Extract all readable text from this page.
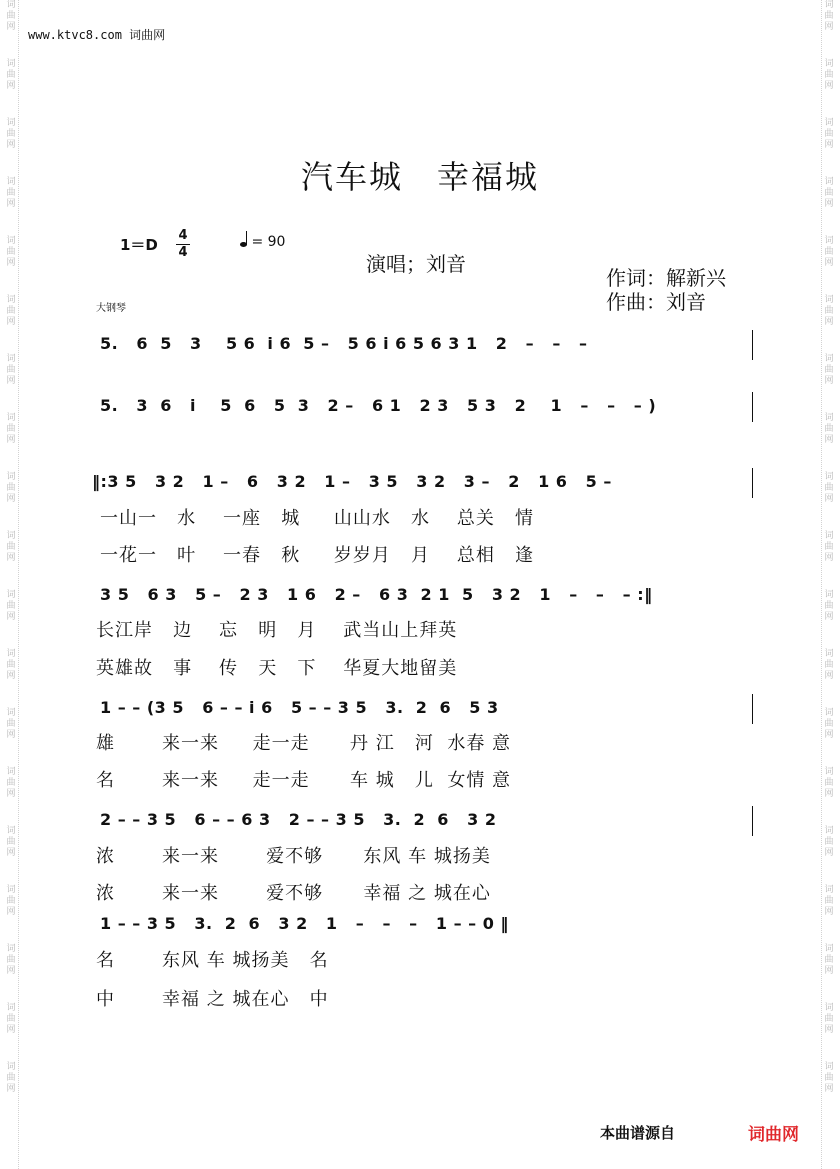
词曲网
词曲网
词曲网
词曲网
词曲网
词曲网
词曲网
词曲网
词曲网
词曲网
词曲网
词曲网
词曲网
词曲网
词曲网
词曲网
词曲网
词曲网
词曲网
词曲网
词曲网
词曲网
词曲网
词曲网
词曲网
词曲网
词曲网
词曲网
词曲网
词曲网
词曲网
词曲网
词曲网
词曲网
词曲网
词曲网
词曲网
词曲网
www.ktvc8.com 词曲网
汽车城　幸福城
1＝D
4
4
= 90
演唱；刘音
作词：解新兴
作曲：刘音
大钢琴
5.   6  5   3    5 6  i 6  5 –   5 6 i 6 5 6 3 1   2   –   –   –
5.   3  6   i    5  6   5  3   2 –   6 1   2 3   5 3   2    1   –   –   – )
‖:3 5   3 2   1 –   6   3 2   1 –   3 5   3 2   3 –   2   1 6   5 –
一山一   水    一座   城     山山水   水    总关   情
一花一   叶    一春   秋     岁岁月   月    总相   逢
3 5   6 3   5 –   2 3   1 6   2 –   6 3  2 1  5   3 2   1   –   –   – :‖
长江岸   边    忘   明   月    武当山上拜英
英雄故   事    传   天   下    华夏大地留美
1 – – (3 5   6 – – i 6   5 – – 3 5   3.  2  6   5 3
雄       来一来     走一走      丹 江   河  水春 意
名       来一来     走一走      车 城   儿  女情 意
2 – – 3 5   6 – – 6 3   2 – – 3 5   3.  2  6   3 2
浓       来一来       爱不够      东风 车 城扬美
浓       来一来       爱不够      幸福 之 城在心
1 – – 3 5   3.  2  6   3 2   1   –   –   –   1 – – 0 ‖
名       东风 车 城扬美   名
中       幸福 之 城在心   中
本曲谱源自	词曲网
